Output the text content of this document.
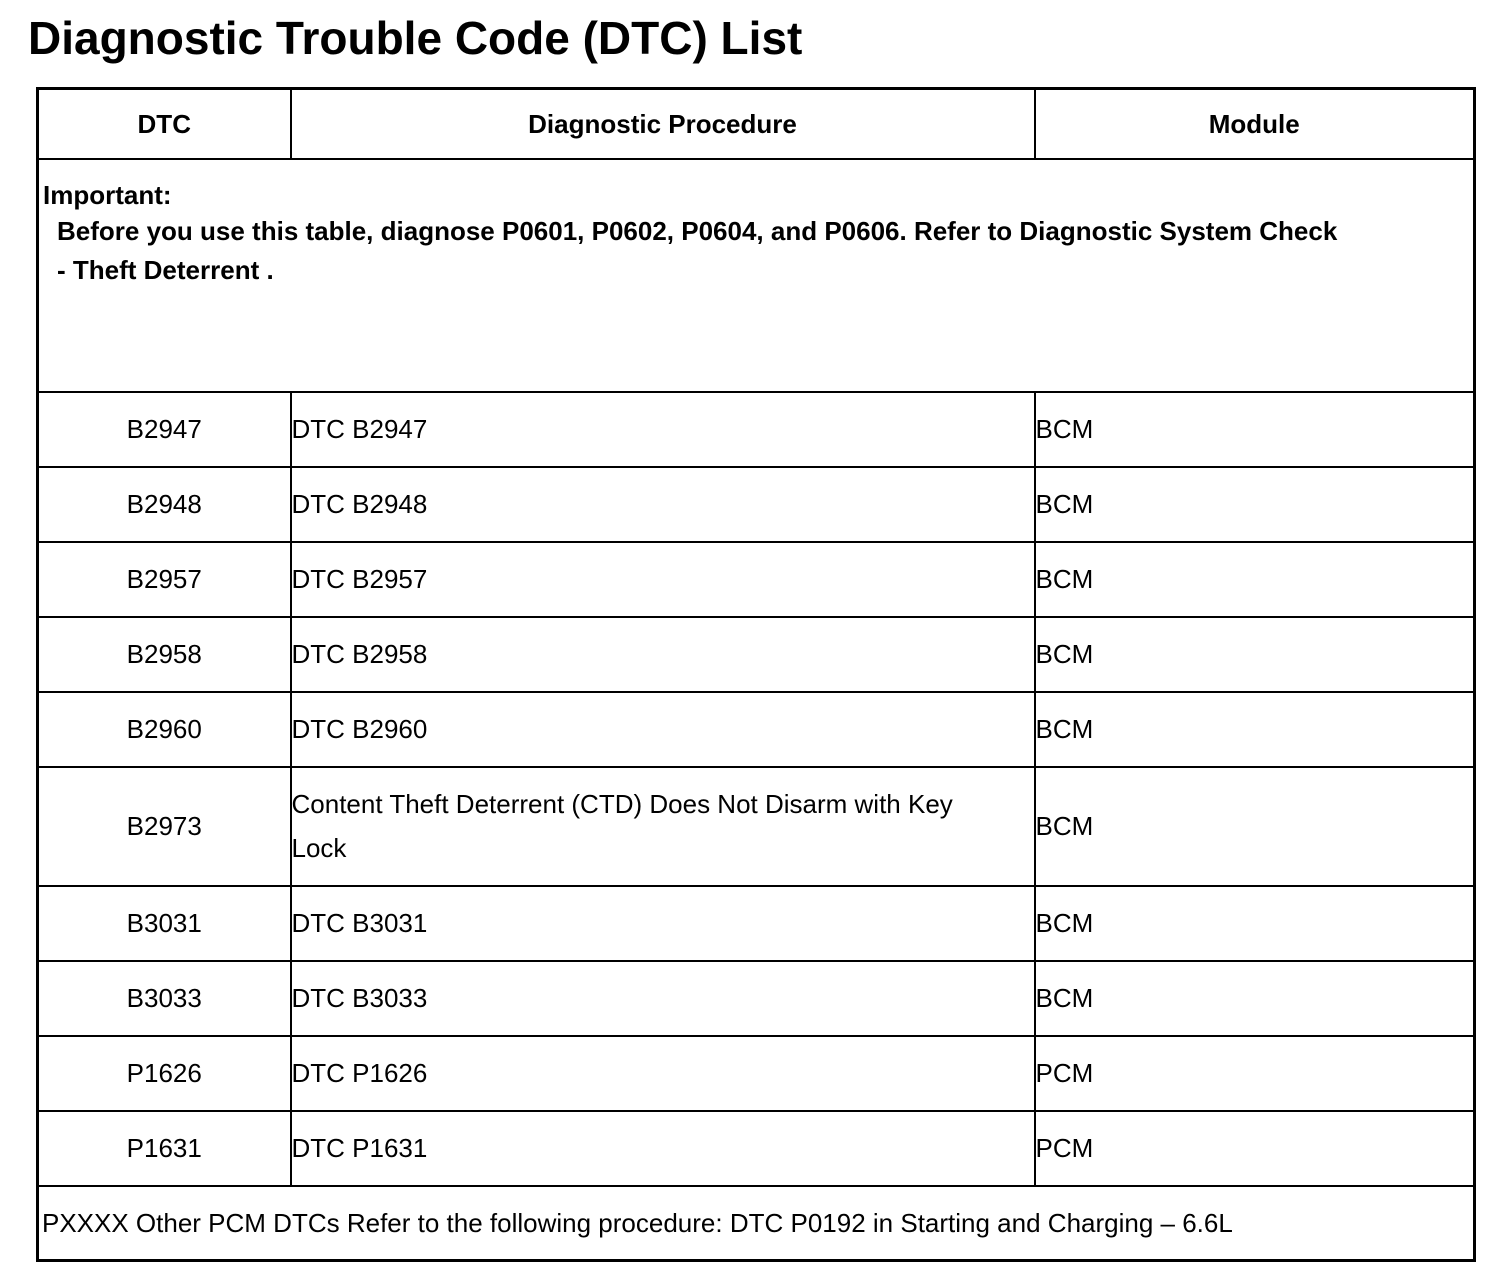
Diagnostic Trouble Code (DTC) List
DTC	Diagnostic Procedure	Module

Important:
Before you use this table, diagnose P0601, P0602, P0604, and P0606. Refer to Diagnostic System Check - Theft Deterrent .		

B2947	DTC B2947	BCM
B2948	DTC B2948	BCM
B2957	DTC B2957	BCM
B2958	DTC B2958	BCM
B2960	DTC B2960	BCM
B2973	Content Theft Deterrent (CTD) Does Not Disarm with Key Lock	BCM
B3031	DTC B3031	BCM
B3033	DTC B3033	BCM
P1626	DTC P1626	PCM
P1631	DTC P1631	PCM
PXXXX Other PCM DTCs Refer to the following procedure: DTC P0192 in Starting and Charging – 6.6L		
